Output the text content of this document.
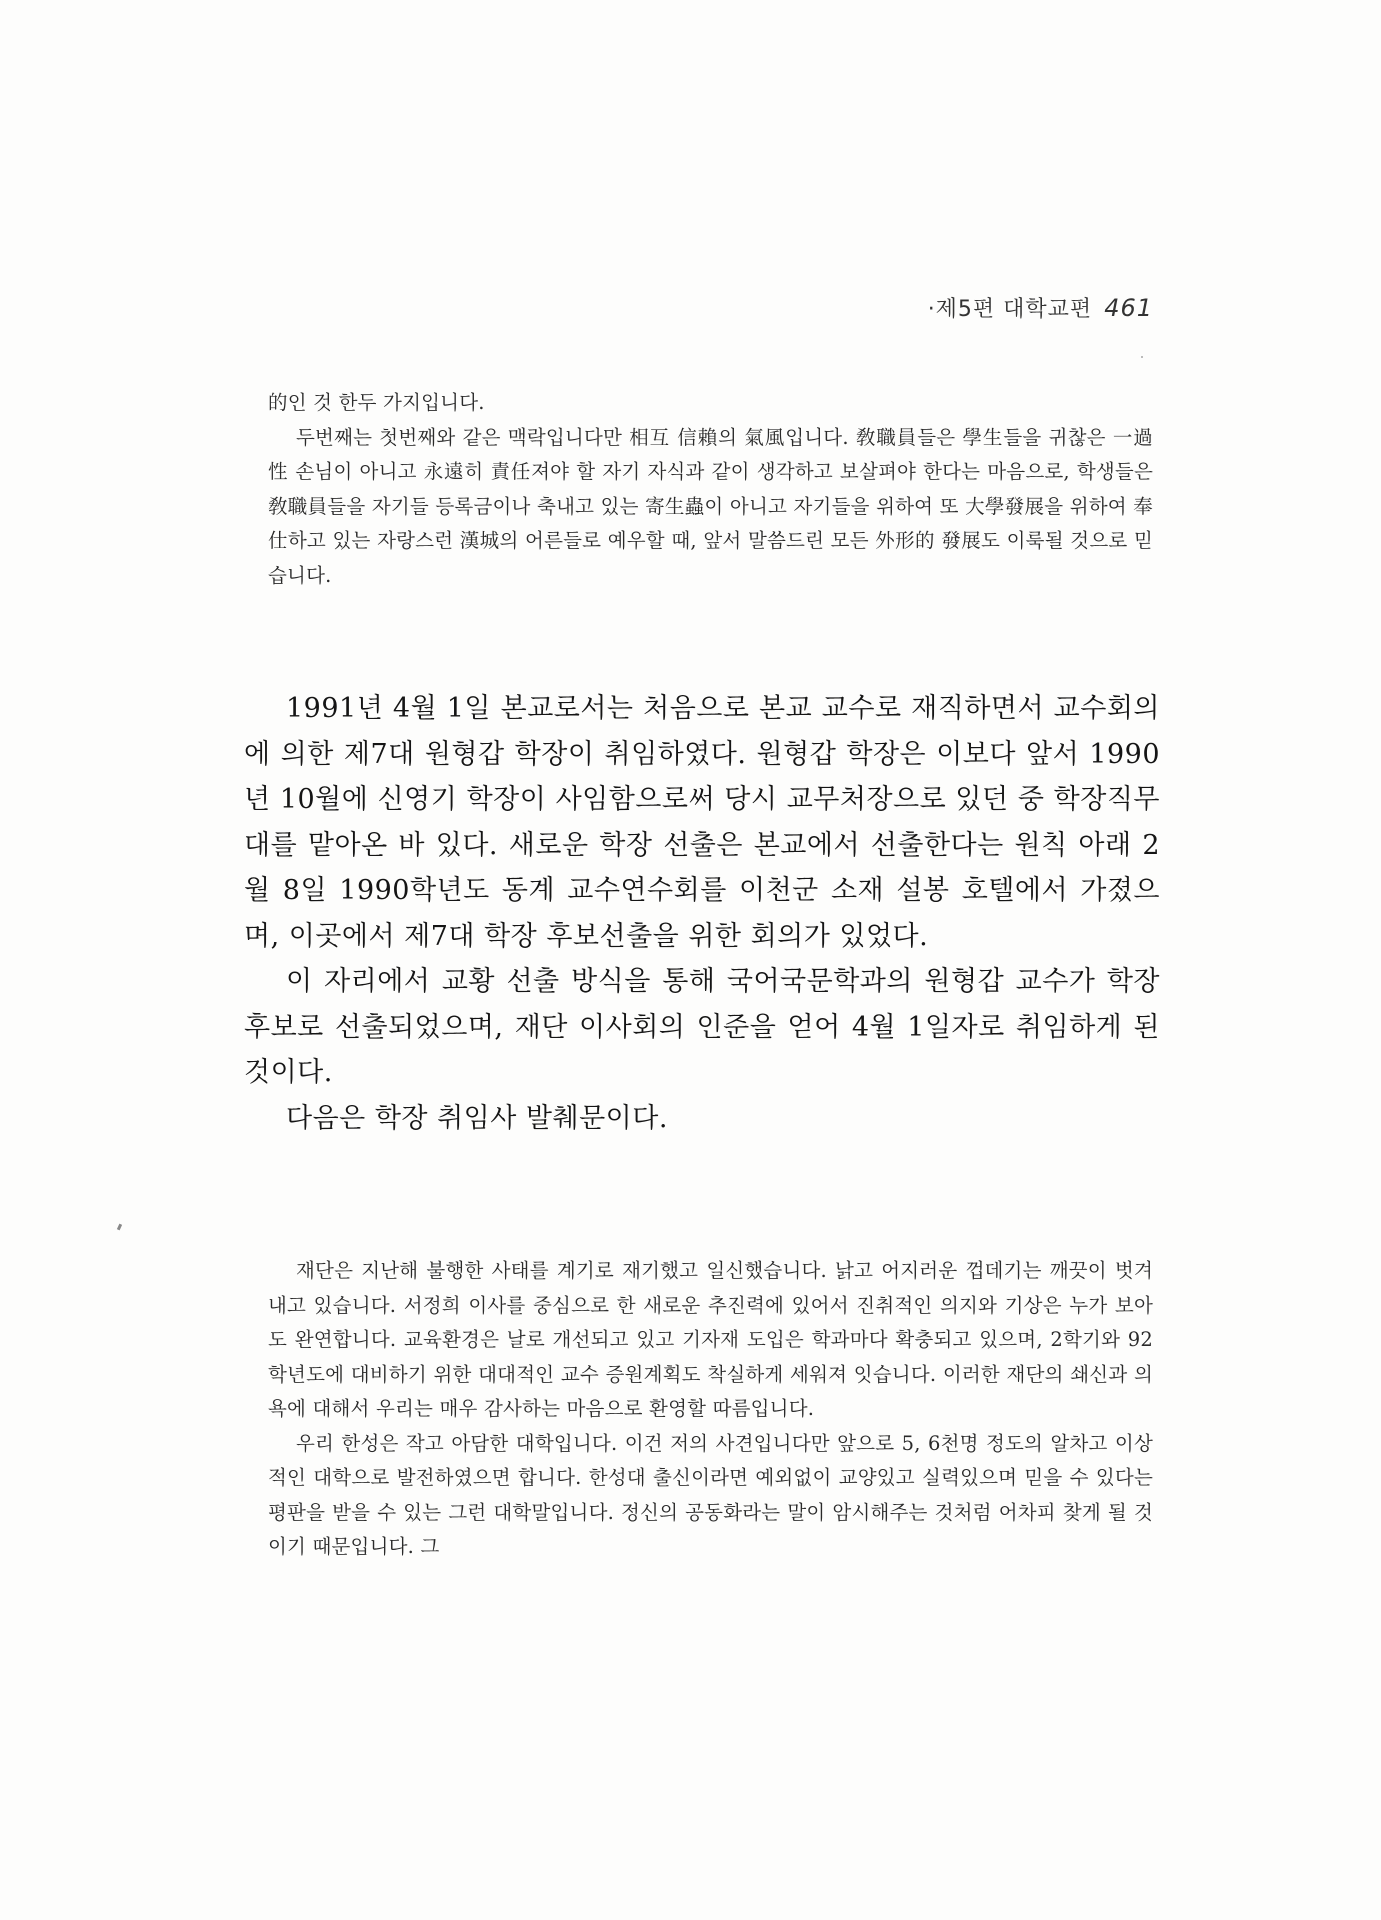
·제5편 대학교편 461

的인 것 한두 가지입니다.

두번째는 첫번째와 같은 맥락입니다만 相互 信賴의 氣風입니다. 敎職員들은 學生들을 귀찮은 一過性 손님이 아니고 永遠히 責任져야 할 자기 자식과 같이 생각하고 보살펴야 한다는 마음으로, 학생들은 敎職員들을 자기들 등록금이나 축내고 있는 寄生蟲이 아니고 자기들을 위하여 또 大學發展을 위하여 奉仕하고 있는 자랑스런 漢城의 어른들로 예우할 때, 앞서 말씀드린 모든 外形的 發展도 이룩될 것으로 믿습니다.

1991년 4월 1일 본교로서는 처음으로 본교 교수로 재직하면서 교수회의에 의한 제7대 원형갑 학장이 취임하였다. 원형갑 학장은 이보다 앞서 1990년 10월에 신영기 학장이 사임함으로써 당시 교무처장으로 있던 중 학장직무대를 맡아온 바 있다. 새로운 학장 선출은 본교에서 선출한다는 원칙 아래 2월 8일 1990학년도 동계 교수연수회를 이천군 소재 설봉 호텔에서 가졌으며, 이곳에서 제7대 학장 후보선출을 위한 회의가 있었다.

이 자리에서 교황 선출 방식을 통해 국어국문학과의 원형갑 교수가 학장 후보로 선출되었으며, 재단 이사회의 인준을 얻어 4월 1일자로 취임하게 된 것이다.

다음은 학장 취임사 발췌문이다.

재단은 지난해 불행한 사태를 계기로 재기했고 일신했습니다. 낡고 어지러운 껍데기는 깨끗이 벗겨내고 있습니다. 서정희 이사를 중심으로 한 새로운 추진력에 있어서 진취적인 의지와 기상은 누가 보아도 완연합니다. 교육환경은 날로 개선되고 있고 기자재 도입은 학과마다 확충되고 있으며, 2학기와 92학년도에 대비하기 위한 대대적인 교수 증원계획도 착실하게 세워져 잇습니다. 이러한 재단의 쇄신과 의욕에 대해서 우리는 매우 감사하는 마음으로 환영할 따름입니다.

우리 한성은 작고 아담한 대학입니다. 이건 저의 사견입니다만 앞으로 5, 6천명 정도의 알차고 이상적인 대학으로 발전하였으면 합니다. 한성대 출신이라면 예외없이 교양있고 실력있으며 믿을 수 있다는 평판을 받을 수 있는 그런 대학말입니다. 정신의 공동화라는 말이 암시해주는 것처럼 어차피 찾게 될 것이기 때문입니다. 그
